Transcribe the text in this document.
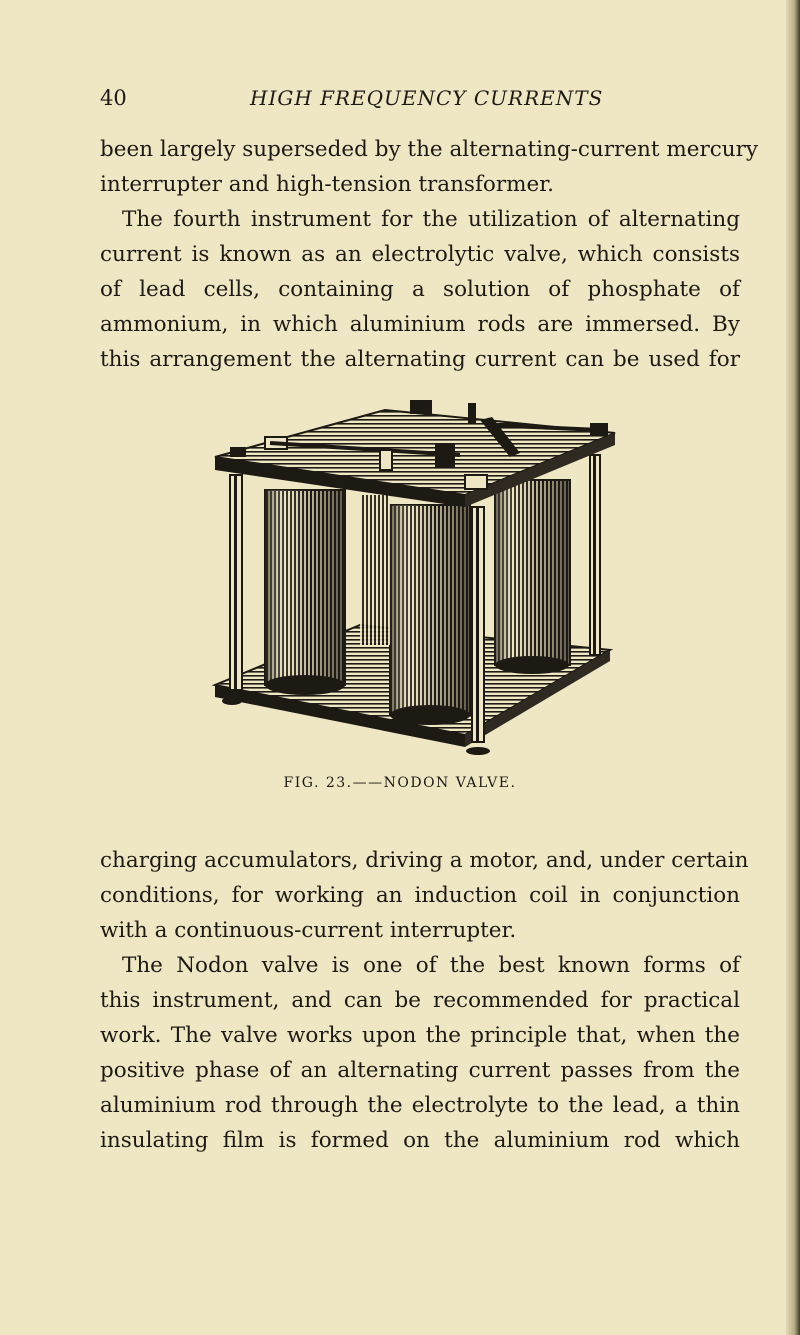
40	HIGH FREQUENCY CURRENTS

been largely superseded by the alternating-current mercury
interrupter and high-tension transformer.

The fourth instrument for the utilization of alternating
current is known as an electrolytic valve, which consists
of lead cells, containing a solution of phosphate of
ammonium, in which aluminium rods are immersed. By
this arrangement the alternating current can be used for

FIG. 23.——NODON VALVE.

charging accumulators, driving a motor, and, under certain
conditions, for working an induction coil in conjunction
with a continuous-current interrupter.

The Nodon valve is one of the best known forms of
this instrument, and can be recommended for practical
work. The valve works upon the principle that, when the
positive phase of an alternating current passes from the
aluminium rod through the electrolyte to the lead, a thin
insulating film is formed on the aluminium rod which
